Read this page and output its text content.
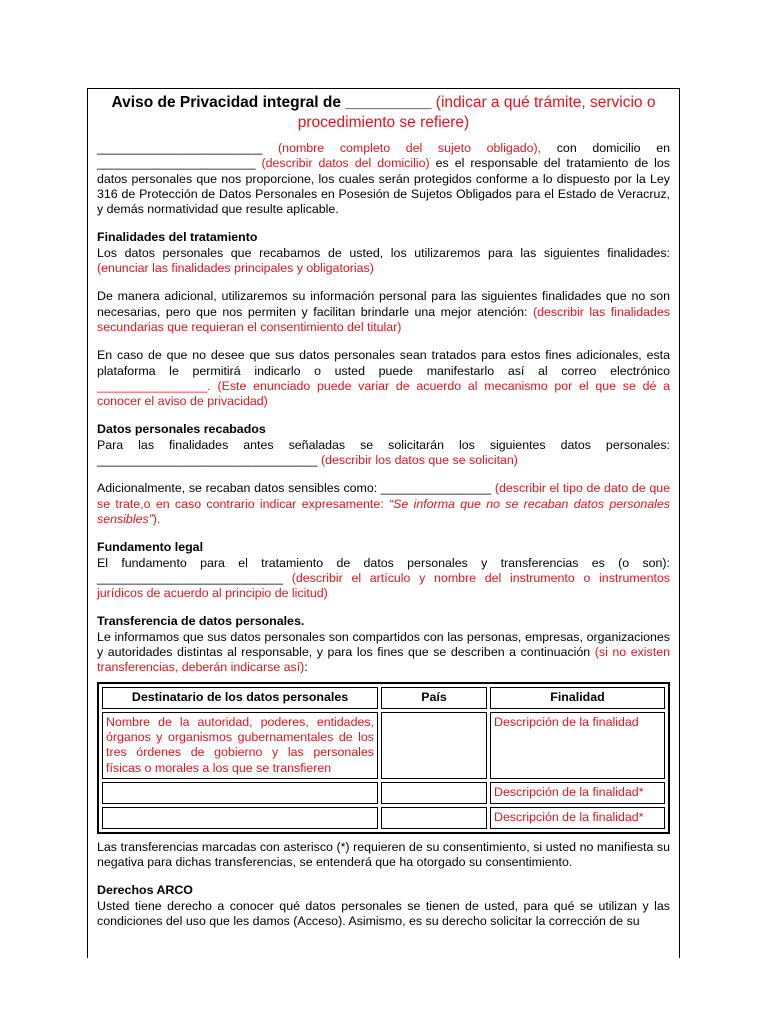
Aviso de Privacidad integral de __________ (indicar a qué trámite, servicio o procedimiento se refiere)

________________________ (nombre completo del sujeto obligado), con domicilio en _______________________ (describir datos del domicilio) es el responsable del tratamiento de los datos personales que nos proporcione, los cuales serán protegidos conforme a lo dispuesto por la Ley 316 de Protección de Datos Personales en Posesión de Sujetos Obligados para el Estado de Veracruz, y demás normatividad que resulte aplicable.

Finalidades del tratamiento

Los datos personales que recabamos de usted, los utilizaremos para las siguientes finalidades: (enunciar las finalidades principales y obligatorias)

De manera adicional, utilizaremos su información personal para las siguientes finalidades que no son necesarias, pero que nos permiten y facilitan brindarle una mejor atención: (describir las finalidades secundarias que requieran el consentimiento del titular)

En caso de que no desee que sus datos personales sean tratados para estos fines adicionales, esta plataforma le permitirá indicarlo o usted puede manifestarlo así al correo electrónico ________________. (Este enunciado puede variar de acuerdo al mecanismo por el que se dé a conocer el aviso de privacidad)

Datos personales recabados

Para las finalidades antes señaladas se solicitarán los siguientes datos personales: ________________________________ (describir los datos que se solicitan)

Adicionalmente, se recaban datos sensibles como: ________________ (describir el tipo de dato de que se trate,o en caso contrario indicar expresamente: “Se informa que no se recaban datos personales sensibles”).

Fundamento legal

El fundamento para el tratamiento de datos personales y transferencias es (o son): ___________________________ (describir el artículo y nombre del instrumento o instrumentos jurídicos de acuerdo al principio de licitud)

Transferencia de datos personales.

Le informamos que sus datos personales son compartidos con las personas, empresas, organizaciones y autoridades distintas al responsable, y para los fines que se describen a continuación (si no existen transferencias, deberán indicarse así):

Destinatario de los datos personales	País	Finalidad
Nombre de la autoridad, poderes, entidades, órganos y organismos gubernamentales de los tres órdenes de gobierno y las personales físicas o morales a los que se transfieren		Descripción de la finalidad
		Descripción de la finalidad*
		Descripción de la finalidad*

Las transferencias marcadas con asterisco (*) requieren de su consentimiento, si usted no manifiesta su negativa para dichas transferencias, se entenderá que ha otorgado su consentimiento.

Derechos ARCO

Usted tiene derecho a conocer qué datos personales se tienen de usted, para qué se utilizan y las condiciones del uso que les damos (Acceso). Asimismo, es su derecho solicitar la corrección de su
